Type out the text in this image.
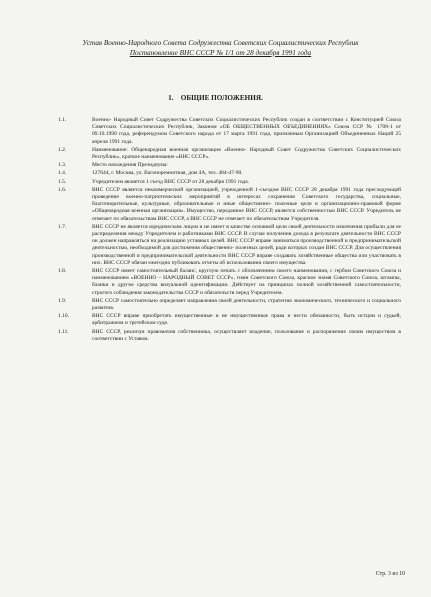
Устав Военно-Народного Совета Содружества Советских Социалистических Республик
Постановление ВНС СССР № 1/1 от 28 декабря 1991 года
1. ОБЩИЕ ПОЛОЖЕНИЯ.
1.1.	Военно- Народный Совет Содружества Советских Социалистических Республик создан в соответствии с Конституцией Союза Советских Социалистических Республик, Законом «ОБ ОБЩЕСТВЕННЫХ ОБЪЕДИНЕНИЯХ» Союза ССР № 1708-1 от 09.10.1990 года, референдумом Советского народа от 17 марта 1991 года, признанным Организацией Объединенных Наций 25 апреля 1991 года.
1.2.	Наименование: Общенародная военная организация «Военно- Народный Совет Содружества Советских Социалистических Республик», краткое наименование «ВНС СССР».
1.3.	Место нахождения Президиума:
1.4.	127644, г. Москва, ул. Вагоноремонтная, дом 4А, тел. 484-47-90.
1.5.	Учредителем является 1 съезд ВНС СССР от 28 декабря 1991 года.
1.6.	ВНС СССР является некоммерческой организацией, учрежденной 1-съездом ВНС СССР 28 декабря 1991 года преследующей проведение военно-патриотических мероприятий в интересах сохранения Советского государства, социальные, благотворительные, культурные, образовательные и иные общественно- полезные цели в организационно-правовой форме «Общенародная военная организация». Имущество, переданное ВНС СССР, является собственностью ВНС СССР. Учредитель не отвечает по обязательствам ВНС СССР, а ВНС СССР не отвечает по обязательствам Учредителя.
1.7.	ВНС СССР не является юридическим лицом и не имеет в качестве основной цели своей деятельности извлечения прибыли для ее распределения между Учредителем и работниками ВНС СССР. В случае получения дохода в результате деятельности ВНС СССР он должен направляться на реализацию уставных целей. ВНС СССР вправе заниматься производственной и предпринимательской деятельностью, необходимой для достижения общественно- полезных целей, ради которых создан ВНС СССР. Для осуществления производственной и предпринимательской деятельности ВНС СССР вправе создавать хозяйственные общества или участвовать в них. ВНС СССР обязан ежегодно публиковать отчеты об использовании своего имущества.
1.8.	ВНС СССР имеет самостоятельный баланс, круглую печать с обозначением своего наименования, с гербом Советского Союза и наименованием «ВОЕННО – НАРОДНЫЙ СОВЕТ СССР», гимн Советского Союза, красное знамя Советского Союза, штампы, бланки и другие средства визуальной идентификации. Действует на принципах полной хозяйственной самостоятельности, строгого соблюдения законодательства СССР и обязательств перед Учредителем.
1.9.	ВНС СССР самостоятельно определяет направления своей деятельности, стратегию экономического, технического и социального развития.
1.10.	ВНС СССР вправе приобретать имущественные и не имущественные права и нести обязанности, быть истцом и судьей, арбитражном и третейском суде.
1.11.	ВНС СССР, реализуя правомочия собственника, осуществляет владение, пользование и распоряжение своим имуществом в соответствии с Уставом.
Стр. 3 из 10
